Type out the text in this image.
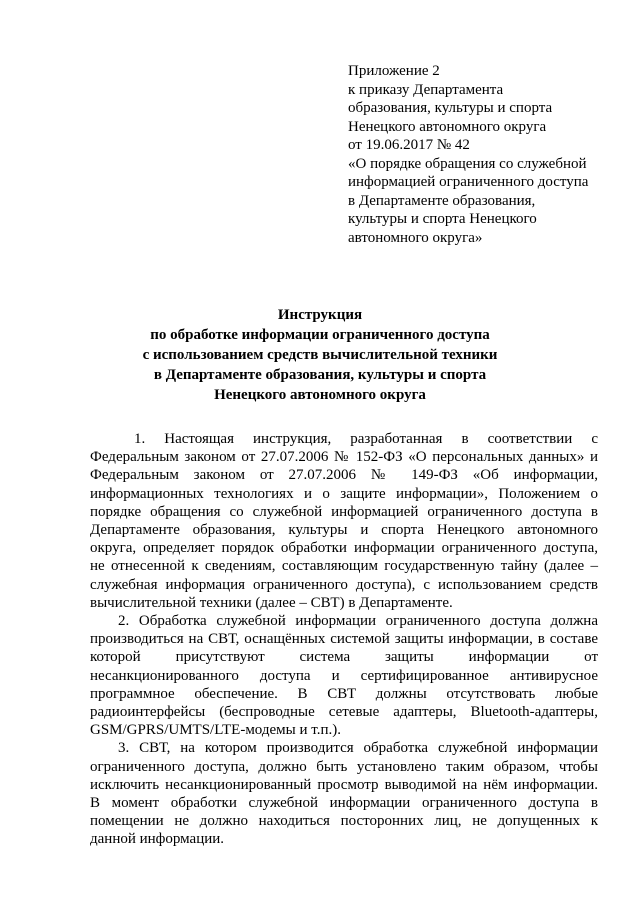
Приложение 2
к приказу Департамента
образования, культуры и спорта
Ненецкого автономного округа
от 19.06.2017 № 42
«О порядке обращения со служебной
информацией ограниченного доступа
в Департаменте образования,
культуры и спорта Ненецкого
автономного округа»
Инструкция
по обработке информации ограниченного доступа
с использованием средств вычислительной техники
в Департаменте образования, культуры и спорта
Ненецкого автономного округа
1. Настоящая инструкция, разработанная в соответствии с
Федеральным законом от 27.07.2006 № 152-ФЗ «О персональных данных» и
Федеральным законом от 27.07.2006 № 149-ФЗ «Об информации,
информационных технологиях и о защите информации», Положением о
порядке обращения со служебной информацией ограниченного доступа в
Департаменте образования, культуры и спорта Ненецкого автономного
округа, определяет порядок обработки информации ограниченного доступа,
не отнесенной к сведениям, составляющим государственную тайну (далее –
служебная информация ограниченного доступа), с использованием средств
вычислительной техники (далее – СВТ) в Департаменте.
2. Обработка служебной информации ограниченного доступа должна
производиться на СВТ, оснащённых системой защиты информации, в составе
которой присутствуют система защиты информации от
несанкционированного доступа и сертифицированное антивирусное
программное обеспечение. В СВТ должны отсутствовать любые
радиоинтерфейсы (беспроводные сетевые адаптеры, Bluetooth-адаптеры,
GSM/GPRS/UMTS/LTE-модемы и т.п.).
3. СВТ, на котором производится обработка служебной информации
ограниченного доступа, должно быть установлено таким образом, чтобы
исключить несанкционированный просмотр выводимой на нём информации.
В момент обработки служебной информации ограниченного доступа в
помещении не должно находиться посторонних лиц, не допущенных к
данной информации.
